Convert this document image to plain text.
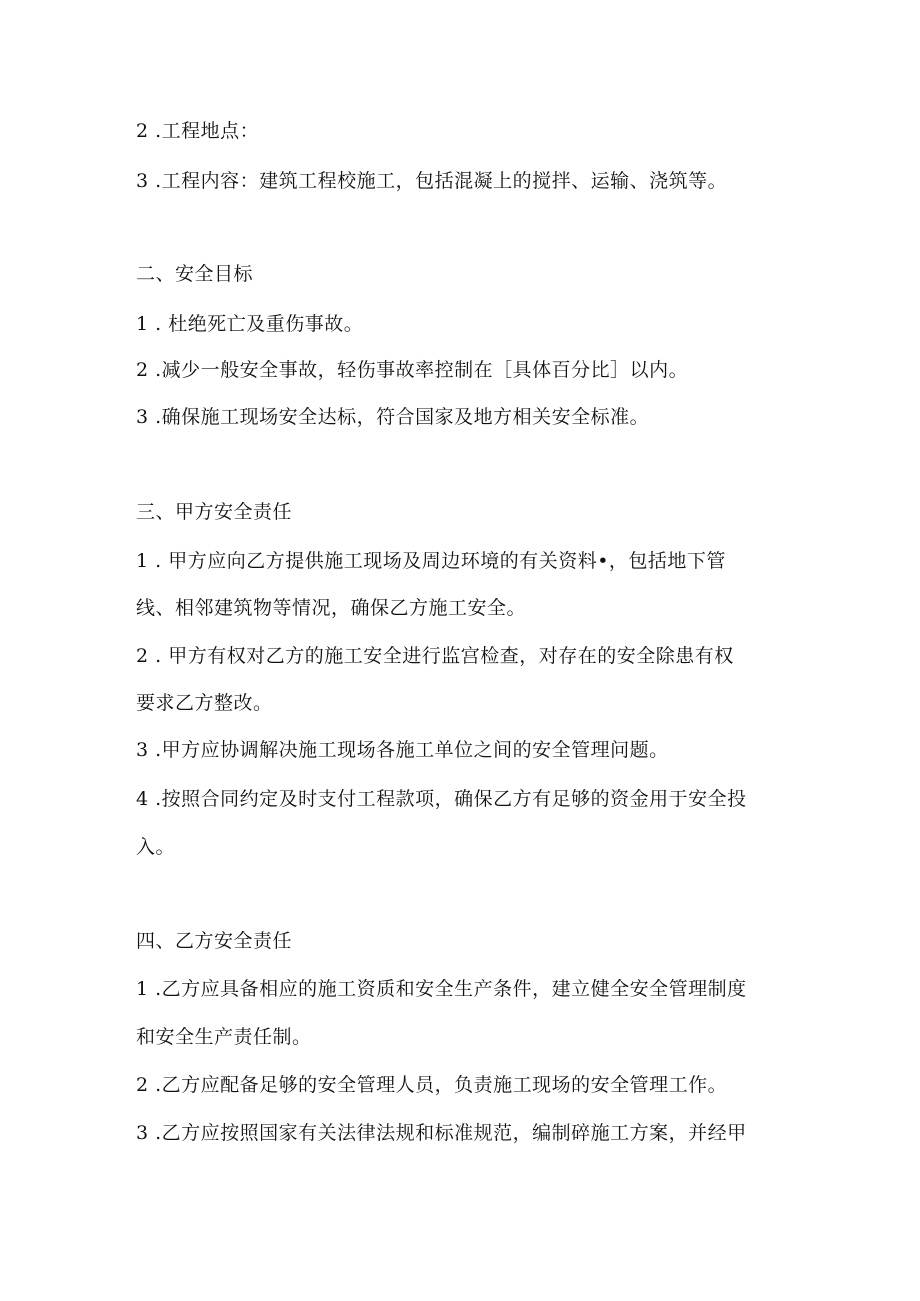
2 .工程地点：
3 .工程内容：建筑工程校施工，包括混凝上的搅拌、运输、浇筑等。
二、安全目标
1 . 杜绝死亡及重伤事故。
2 .减少一般安全事故，轻伤事故率控制在［具体百分比］以内。
3 .确保施工现场安全达标，符合国家及地方相关安全标准。
三、甲方安全责任
1 . 甲方应向乙方提供施工现场及周边环境的有关资料•，包括地下管
线、相邻建筑物等情况，确保乙方施工安全。
2 . 甲方有权对乙方的施工安全进行监宫检查，对存在的安全除患有权
要求乙方整改。
3 .甲方应协调解决施工现场各施工单位之间的安全管理问题。
4 .按照合同约定及时支付工程款项，确保乙方有足够的资金用于安全投
入。
四、乙方安全责任
1 .乙方应具备相应的施工资质和安全生产条件，建立健全安全管理制度
和安全生产责任制。
2 .乙方应配备足够的安全管理人员，负责施工现场的安全管理工作。
3 .乙方应按照国家有关法律法规和标准规范，编制碎施工方案，并经甲
